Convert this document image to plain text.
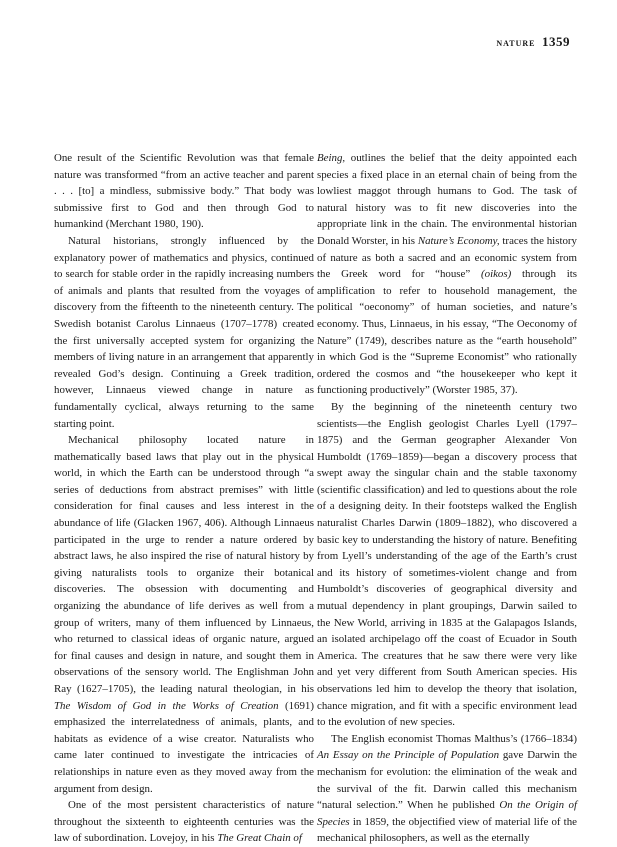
nature 1359

One result of the Scientific Revolution was that female nature was transformed “from an active teacher and parent . . . [to] a mindless, submissive body.” That body was submissive first to God and then through God to humankind (Merchant 1980, 190).

Natural historians, strongly influenced by the explanatory power of mathematics and physics, continued to search for stable order in the rapidly increasing numbers of animals and plants that resulted from the voyages of discovery from the fifteenth to the nineteenth century. The Swedish botanist Carolus Linnaeus (1707–1778) created the first universally accepted system for organizing the members of living nature in an arrangement that apparently revealed God’s design. Continuing a Greek tradition, however, Linnaeus viewed change in nature as fundamentally cyclical, always returning to the same starting point.

Mechanical philosophy located nature in mathematically based laws that play out in the physical world, in which the Earth can be understood through “a series of deductions from abstract premises” with little consideration for final causes and less interest in the abundance of life (Glacken 1967, 406). Although Linnaeus participated in the urge to render a nature ordered by abstract laws, he also inspired the rise of natural history by giving naturalists tools to organize their botanical discoveries. The obsession with documenting and organizing the abundance of life derives as well from a group of writers, many of them influenced by Linnaeus, who returned to classical ideas of organic nature, argued for final causes and design in nature, and sought them in observations of the sensory world. The Englishman John Ray (1627–1705), the leading natural theologian, in his The Wisdom of God in the Works of Creation (1691) emphasized the interrelatedness of animals, plants, and habitats as evidence of a wise creator. Naturalists who came later continued to investigate the intricacies of relationships in nature even as they moved away from the argument from design.

One of the most persistent characteristics of nature throughout the sixteenth to eighteenth centuries was the law of subordination. Lovejoy, in his The Great Chain of

Being, outlines the belief that the deity appointed each species a fixed place in an eternal chain of being from the lowliest maggot through humans to God. The task of natural history was to fit new discoveries into the appropriate link in the chain. The environmental historian Donald Worster, in his Nature’s Economy, traces the history of nature as both a sacred and an economic system from the Greek word for “house” (oikos) through its amplification to refer to household management, the political “oeconomy” of human societies, and nature’s economy. Thus, Linnaeus, in his essay, “The Oeconomy of Nature” (1749), describes nature as the “earth household” in which God is the “Supreme Economist” who rationally ordered the cosmos and “the housekeeper who kept it functioning productively” (Worster 1985, 37).

By the beginning of the nineteenth century two scientists—the English geologist Charles Lyell (1797–1875) and the German geographer Alexander Von Humboldt (1769–1859)—began a discovery process that swept away the singular chain and the stable taxonomy (scientific classification) and led to questions about the role of a designing deity. In their footsteps walked the English naturalist Charles Darwin (1809–1882), who discovered a basic key to understanding the history of nature. Benefiting from Lyell’s understanding of the age of the Earth’s crust and its history of sometimes-violent change and from Humboldt’s discoveries of geographical diversity and mutual dependency in plant groupings, Darwin sailed to the New World, arriving in 1835 at the Galapagos Islands, an isolated archipelago off the coast of Ecuador in South America. The creatures that he saw there were very like and yet very different from South American species. His observations led him to develop the theory that isolation, chance migration, and fit with a specific environment lead to the evolution of new species.

The English economist Thomas Malthus’s (1766–1834) An Essay on the Principle of Population gave Darwin the mechanism for evolution: the elimination of the weak and the survival of the fit. Darwin called this mechanism “natural selection.” When he published On the Origin of Species in 1859, the objectified view of material life of the mechanical philosophers, as well as the eternally
